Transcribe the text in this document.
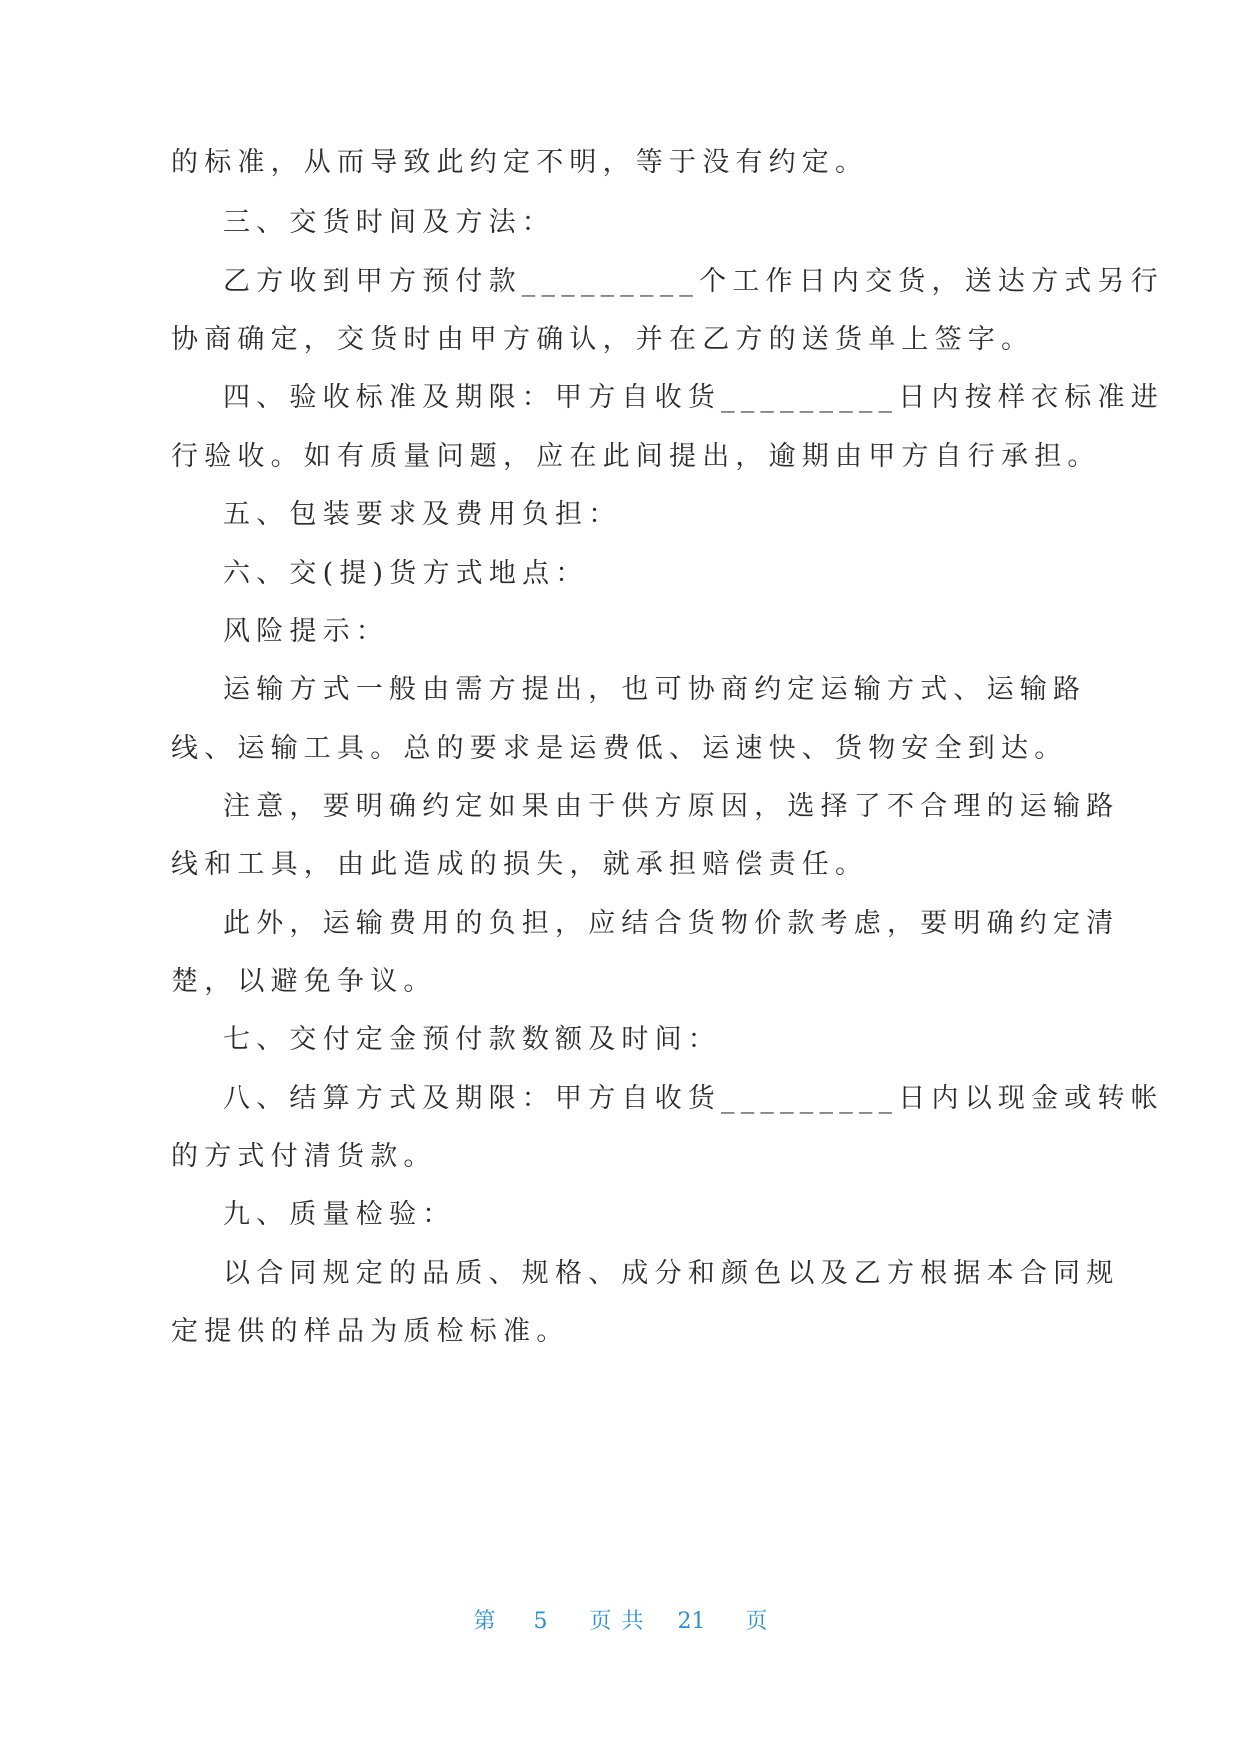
的标准，从而导致此约定不明，等于没有约定。
三、交货时间及方法：
乙方收到甲方预付款_________个工作日内交货，送达方式另行
协商确定，交货时由甲方确认，并在乙方的送货单上签字。
四、验收标准及期限：甲方自收货_________日内按样衣标准进
行验收。如有质量问题，应在此间提出，逾期由甲方自行承担。
五、包装要求及费用负担：
六、交(提)货方式地点：
风险提示：
运输方式一般由需方提出，也可协商约定运输方式、运输路
线、运输工具。总的要求是运费低、运速快、货物安全到达。
注意，要明确约定如果由于供方原因，选择了不合理的运输路
线和工具，由此造成的损失，就承担赔偿责任。
此外，运输费用的负担，应结合货物价款考虑，要明确约定清
楚，以避免争议。
七、交付定金预付款数额及时间：
八、结算方式及期限：甲方自收货_________日内以现金或转帐
的方式付清货款。
九、质量检验：
以合同规定的品质、规格、成分和颜色以及乙方根据本合同规
定提供的样品为质检标准。
第 5 页共 21 页
